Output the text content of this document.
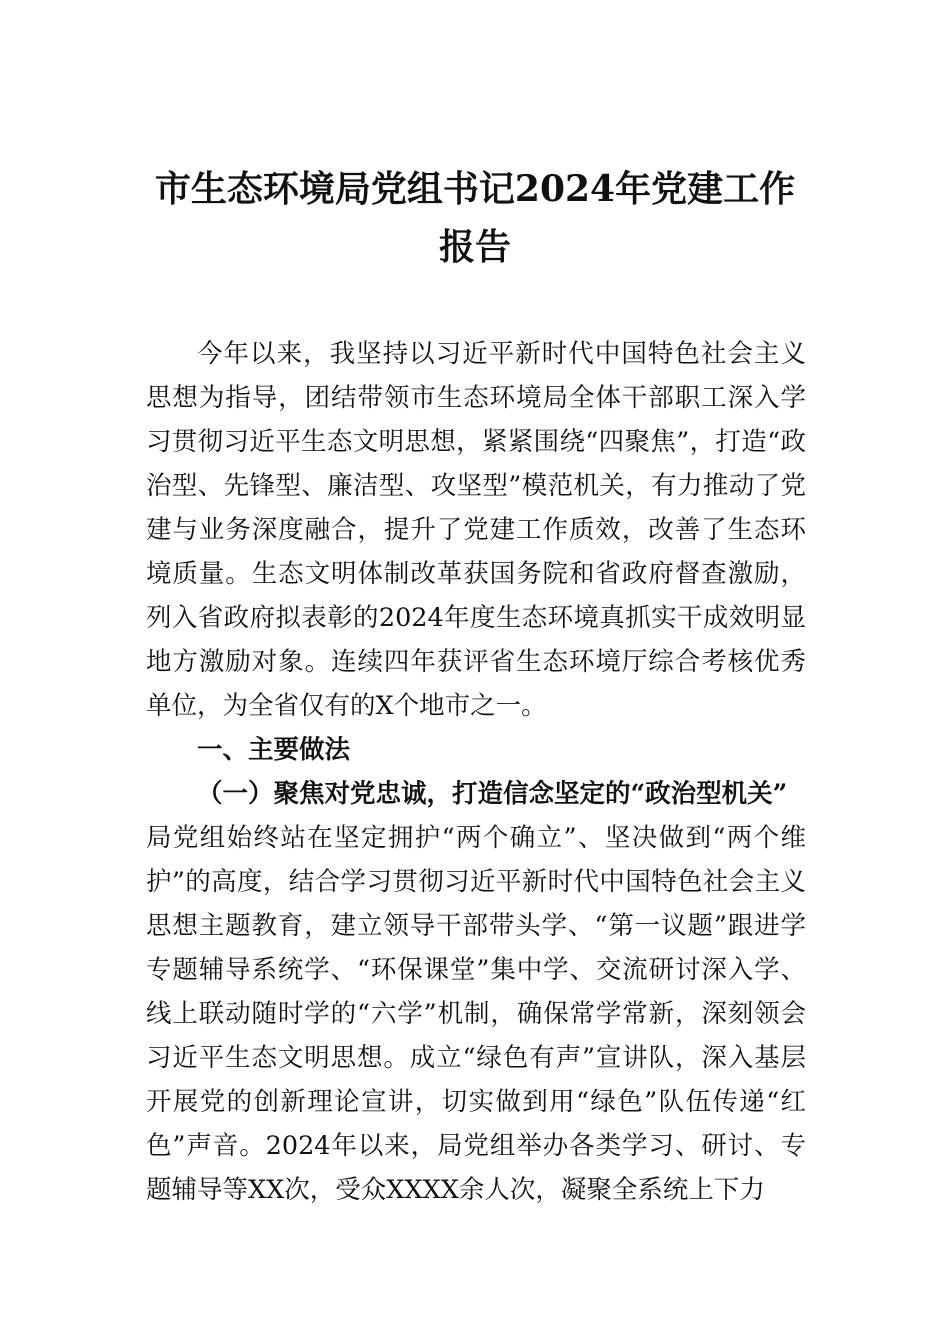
市生态环境局党组书记2024年党建工作报告

今年以来，我坚持以习近平新时代中国特色社会主义思想为指导，团结带领市生态环境局全体干部职工深入学习贯彻习近平生态文明思想，紧紧围绕“四聚焦”，打造“政治型、先锋型、廉洁型、攻坚型”模范机关，有力推动了党建与业务深度融合，提升了党建工作质效，改善了生态环境质量。生态文明体制改革获国务院和省政府督查激励，列入省政府拟表彰的2024年度生态环境真抓实干成效明显地方激励对象。连续四年获评省生态环境厅综合考核优秀单位，为全省仅有的X个地市之一。

一、主要做法

（一）聚焦对党忠诚，打造信念坚定的“政治型机关”

局党组始终站在坚定拥护“两个确立”、坚决做到“两个维护”的高度，结合学习贯彻习近平新时代中国特色社会主义思想主题教育，建立领导干部带头学、“第一议题”跟进学专题辅导系统学、“环保课堂”集中学、交流研讨深入学、线上联动随时学的“六学”机制，确保常学常新，深刻领会习近平生态文明思想。成立“绿色有声”宣讲队，深入基层开展党的创新理论宣讲，切实做到用“绿色”队伍传递“红色”声音。2024年以来，局党组举办各类学习、研讨、专题辅导等XX次，受众XXXX余人次，凝聚全系统上下力
